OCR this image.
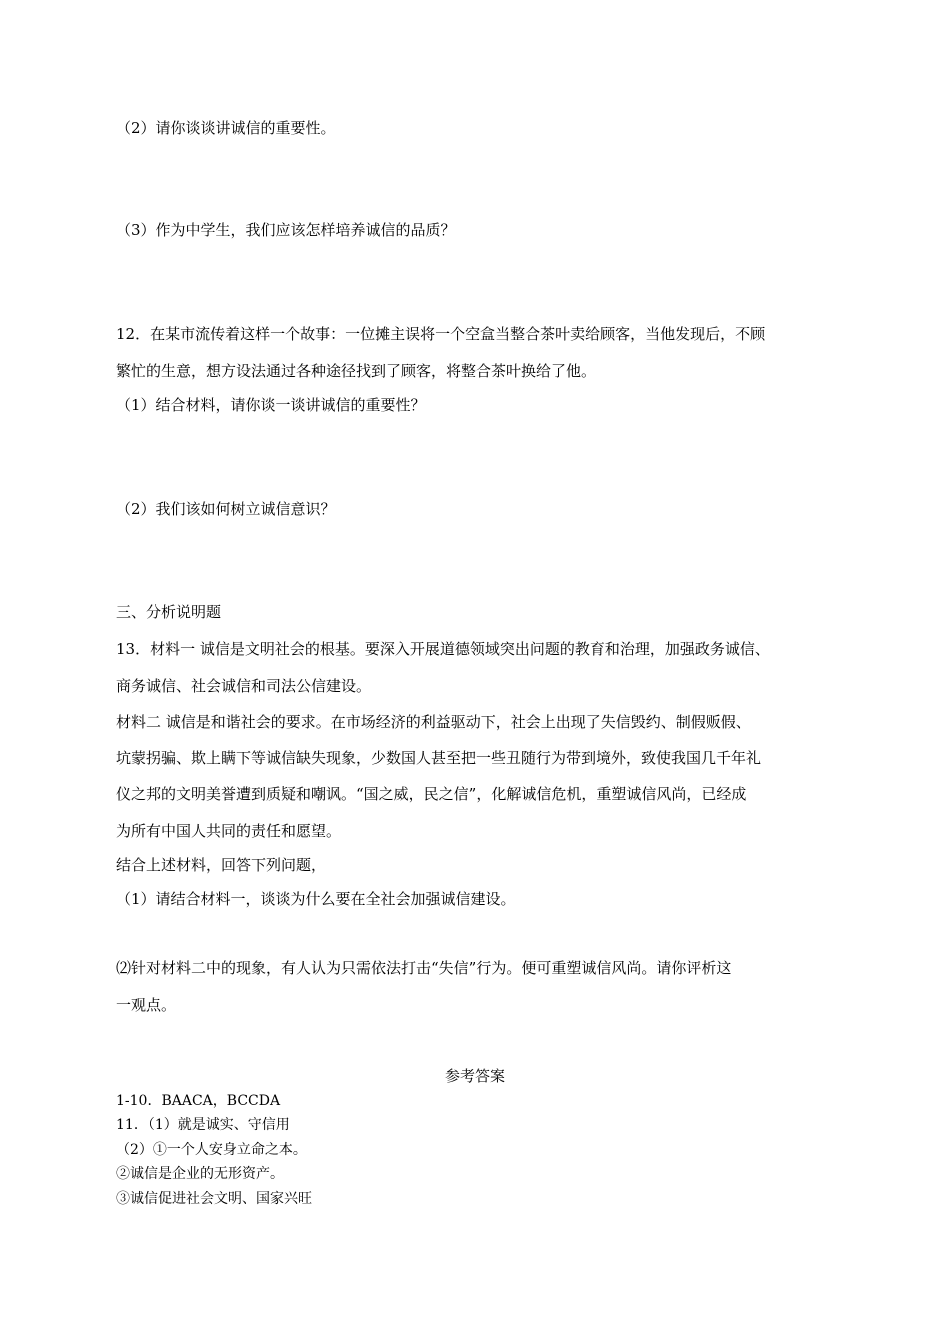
（2）请你谈谈讲诚信的重要性。

（3）作为中学生，我们应该怎样培养诚信的品质？

12．在某市流传着这样一个故事：一位摊主误将一个空盒当整合茶叶卖给顾客，当他发现后，不顾

繁忙的生意，想方设法通过各种途径找到了顾客，将整合茶叶换给了他。

（1）结合材料，请你谈一谈讲诚信的重要性？

（2）我们该如何树立诚信意识？

三、分析说明题

13．材料一 诚信是文明社会的根基。要深入开展道德领域突出问题的教育和治理，加强政务诚信、

商务诚信、社会诚信和司法公信建设。

材料二 诚信是和谐社会的要求。在市场经济的利益驱动下，社会上出现了失信毁约、制假贩假、

坑蒙拐骗、欺上瞒下等诚信缺失现象，少数国人甚至把一些丑随行为带到境外，致使我国几千年礼

仪之邦的文明美誉遭到质疑和嘲讽。“国之威，民之信”，化解诚信危机，重塑诚信风尚，已经成

为所有中国人共同的责任和愿望。

结合上述材料，回答下列问题，

（1）请结合材料一，谈谈为什么要在全社会加强诚信建设。

⑵针对材料二中的现象，有人认为只需依法打击“失信”行为。便可重塑诚信风尚。请你评析这

一观点。

参考答案

1-10．BAACA，BCCDA

11．（1）就是诚实、守信用

（2）①一个人安身立命之本。

②诚信是企业的无形资产。

③诚信促进社会文明、国家兴旺
